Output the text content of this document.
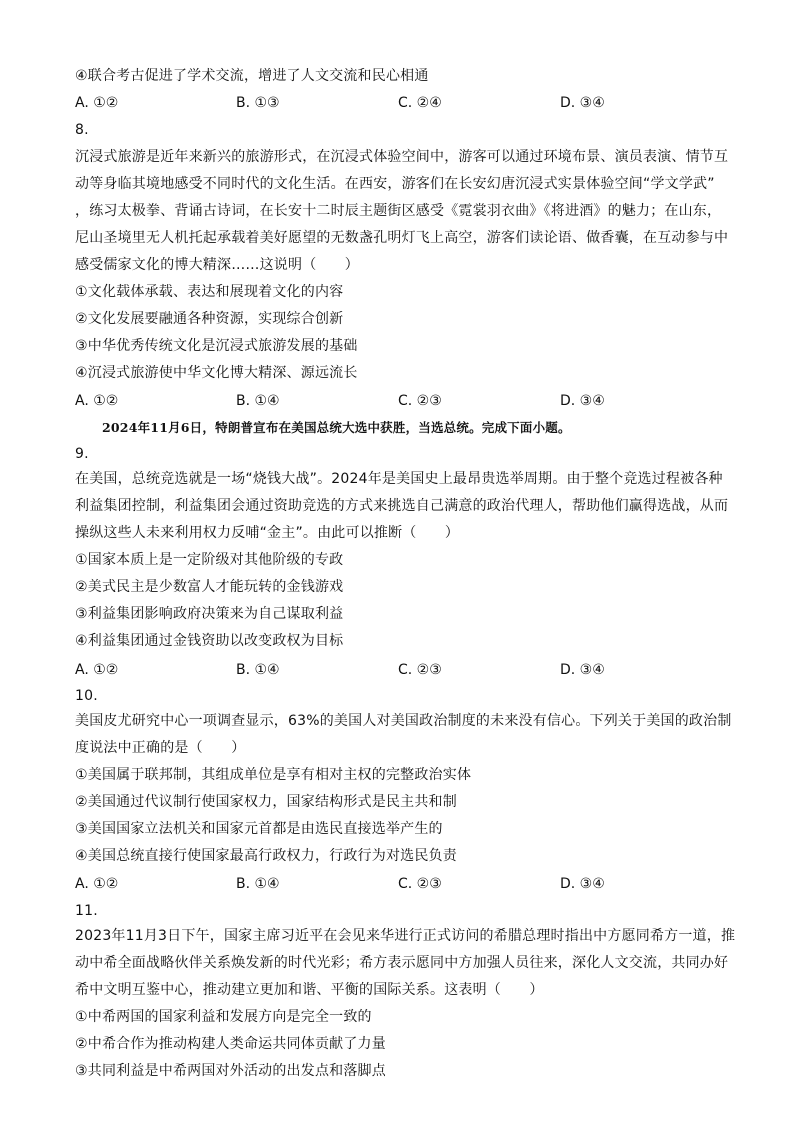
④联合考古促进了学术交流，增进了人文交流和民心相通
A. ①②	B. ①③	C. ②④	D. ③④
8.
沉浸式旅游是近年来新兴的旅游形式，在沉浸式体验空间中，游客可以通过环境布景、演员表演、情节互
动等身临其境地感受不同时代的文化生活。在西安，游客们在长安幻唐沉浸式实景体验空间“学文学武”
，练习太极拳、背诵古诗词，在长安十二时辰主题街区感受《霓裳羽衣曲》《将进酒》的魅力；在山东，
尼山圣境里无人机托起承载着美好愿望的无数盏孔明灯飞上高空，游客们读论语、做香囊，在互动参与中
感受儒家文化的博大精深……这说明（　　）
①文化载体承载、表达和展现着文化的内容
②文化发展要融通各种资源，实现综合创新
③中华优秀传统文化是沉浸式旅游发展的基础
④沉浸式旅游使中华文化博大精深、源远流长
A. ①②	B. ①④	C. ②③	D. ③④
2024年11月6日，特朗普宣布在美国总统大选中获胜，当选总统。完成下面小题。
9.
在美国，总统竞选就是一场“烧钱大战”。2024年是美国史上最昂贵选举周期。由于整个竞选过程被各种
利益集团控制，利益集团会通过资助竞选的方式来挑选自己满意的政治代理人，帮助他们赢得选战，从而
操纵这些人未来利用权力反哺“金主”。由此可以推断（　　）
①国家本质上是一定阶级对其他阶级的专政
②美式民主是少数富人才能玩转的金钱游戏
③利益集团影响政府决策来为自己谋取利益
④利益集团通过金钱资助以改变政权为目标
A. ①②	B. ①④	C. ②③	D. ③④
10.
美国皮尤研究中心一项调查显示，63%的美国人对美国政治制度的未来没有信心。下列关于美国的政治制
度说法中正确的是（　　）
①美国属于联邦制，其组成单位是享有相对主权的完整政治实体
②美国通过代议制行使国家权力，国家结构形式是民主共和制
③美国国家立法机关和国家元首都是由选民直接选举产生的
④美国总统直接行使国家最高行政权力，行政行为对选民负责
A. ①②	B. ①④	C. ②③	D. ③④
11.
2023年11月3日下午，国家主席习近平在会见来华进行正式访问的希腊总理时指出中方愿同希方一道，推
动中希全面战略伙伴关系焕发新的时代光彩；希方表示愿同中方加强人员往来，深化人文交流，共同办好
希中文明互鉴中心，推动建立更加和谐、平衡的国际关系。这表明（　　）
①中希两国的国家利益和发展方向是完全一致的
②中希合作为推动构建人类命运共同体贡献了力量
③共同利益是中希两国对外活动的出发点和落脚点
